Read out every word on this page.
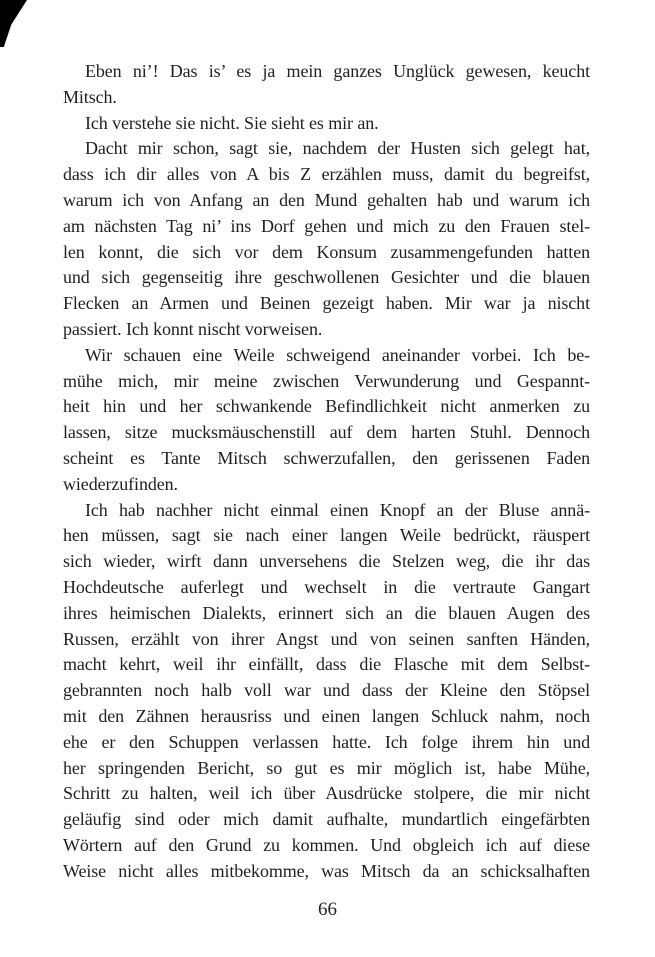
Eben ni’! Das is’ es ja mein ganzes Unglück gewesen, keucht
Mitsch.
Ich verstehe sie nicht. Sie sieht es mir an.
Dacht mir schon, sagt sie, nachdem der Husten sich gelegt hat,
dass ich dir alles von A bis Z erzählen muss, damit du begreifst,
warum ich von Anfang an den Mund gehalten hab und warum ich
am nächsten Tag ni’ ins Dorf gehen und mich zu den Frauen stel-
len konnt, die sich vor dem Konsum zusammengefunden hatten
und sich gegenseitig ihre geschwollenen Gesichter und die blauen
Flecken an Armen und Beinen gezeigt haben. Mir war ja nischt
passiert. Ich konnt nischt vorweisen.
Wir schauen eine Weile schweigend aneinander vorbei. Ich be-
mühe mich, mir meine zwischen Verwunderung und Gespannt-
heit hin und her schwankende Befindlichkeit nicht anmerken zu
lassen, sitze mucksmäuschenstill auf dem harten Stuhl. Dennoch
scheint es Tante Mitsch schwerzufallen, den gerissenen Faden
wiederzufinden.
Ich hab nachher nicht einmal einen Knopf an der Bluse annä-
hen müssen, sagt sie nach einer langen Weile bedrückt, räuspert
sich wieder, wirft dann unversehens die Stelzen weg, die ihr das
Hochdeutsche auferlegt und wechselt in die vertraute Gangart
ihres heimischen Dialekts, erinnert sich an die blauen Augen des
Russen, erzählt von ihrer Angst und von seinen sanften Händen,
macht kehrt, weil ihr einfällt, dass die Flasche mit dem Selbst-
gebrannten noch halb voll war und dass der Kleine den Stöpsel
mit den Zähnen herausriss und einen langen Schluck nahm, noch
ehe er den Schuppen verlassen hatte. Ich folge ihrem hin und
her springenden Bericht, so gut es mir möglich ist, habe Mühe,
Schritt zu halten, weil ich über Ausdrücke stolpere, die mir nicht
geläufig sind oder mich damit aufhalte, mundartlich eingefärbten
Wörtern auf den Grund zu kommen. Und obgleich ich auf diese
Weise nicht alles mitbekomme, was Mitsch da an schicksalhaften
66
